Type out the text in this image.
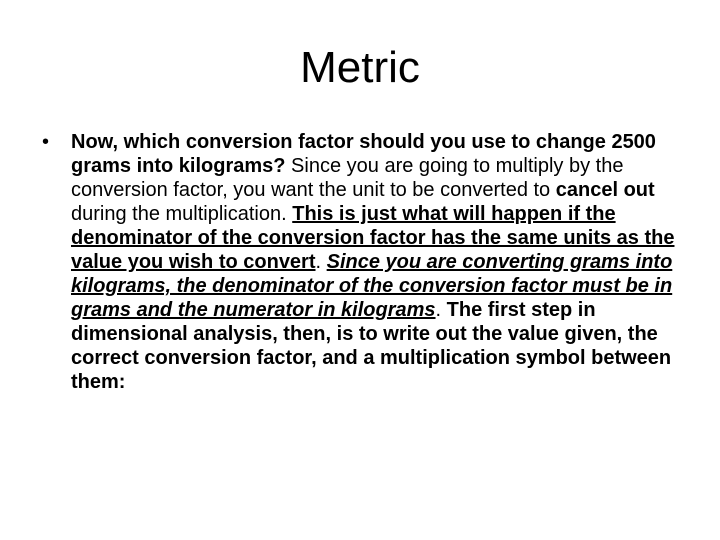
Metric
•	Now, which conversion factor should you use to change 2500 grams into kilograms? Since you are going to multiply by the conversion factor, you want the unit to be converted to cancel out during the multiplication. This is just what will happen if the denominator of the conversion factor has the same units as the value you wish to convert. Since you are converting grams into kilograms, the denominator of the conversion factor must be in grams and the numerator in kilograms. The first step in dimensional analysis, then, is to write out the value given, the correct conversion factor, and a multiplication symbol between them:
